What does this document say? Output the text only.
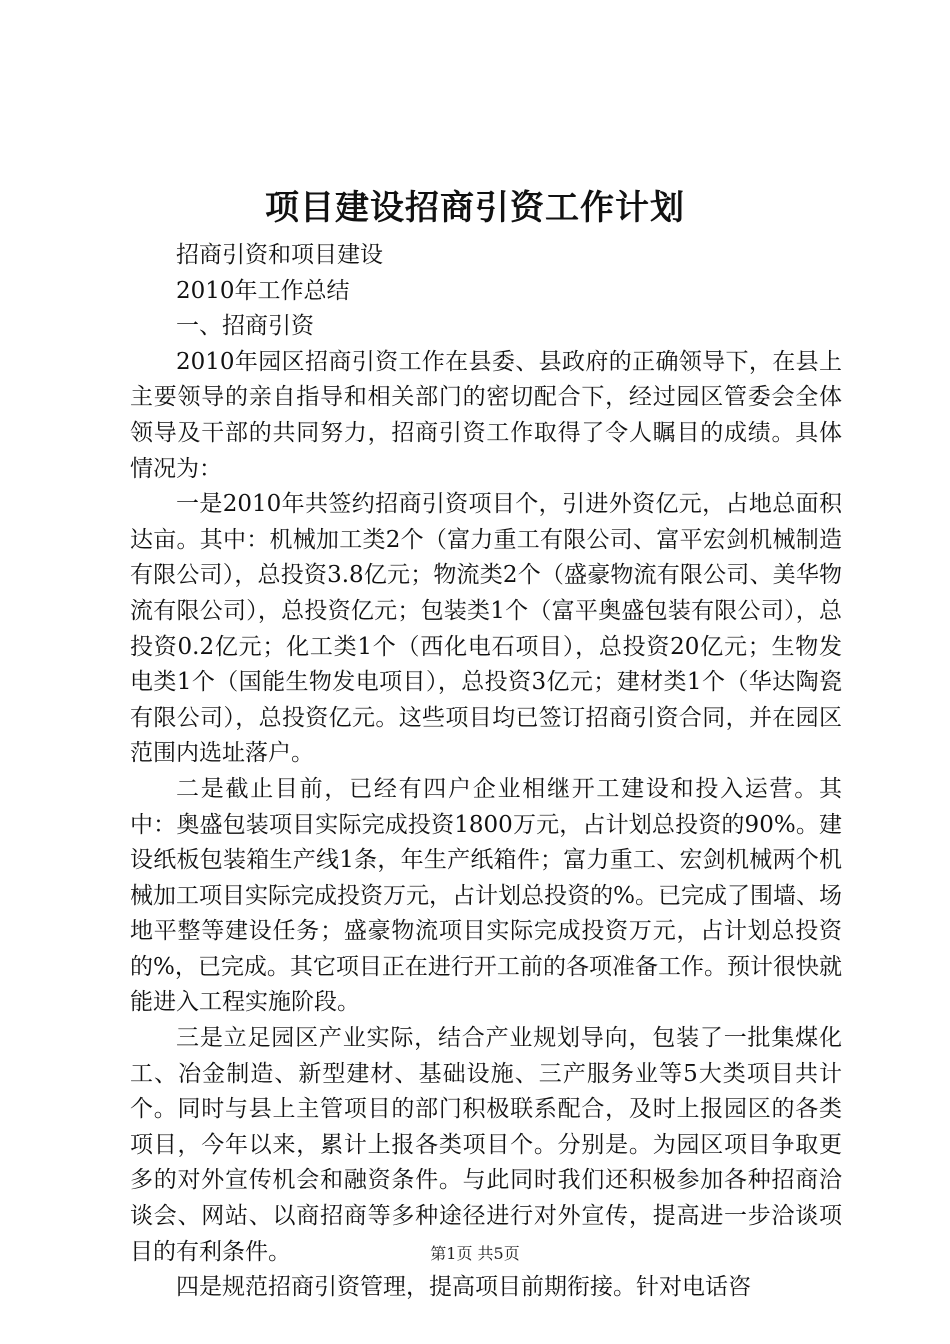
项目建设招商引资工作计划

招商引资和项目建设

2010年工作总结

一、招商引资

2010年园区招商引资工作在县委、县政府的正确领导下，在县上主要领导的亲自指导和相关部门的密切配合下，经过园区管委会全体领导及干部的共同努力，招商引资工作取得了令人瞩目的成绩。具体情况为：

一是2010年共签约招商引资项目个，引进外资亿元，占地总面积达亩。其中：机械加工类2个（富力重工有限公司、富平宏剑机械制造有限公司），总投资3.8亿元；物流类2个（盛豪物流有限公司、美华物流有限公司），总投资亿元；包装类1个（富平奥盛包装有限公司），总投资0.2亿元；化工类1个（西化电石项目），总投资20亿元；生物发电类1个（国能生物发电项目），总投资3亿元；建材类1个（华达陶瓷有限公司），总投资亿元。这些项目均已签订招商引资合同，并在园区范围内选址落户。

二是截止目前，已经有四户企业相继开工建设和投入运营。其中：奥盛包装项目实际完成投资1800万元，占计划总投资的90%。建设纸板包装箱生产线1条，年生产纸箱件；富力重工、宏剑机械两个机械加工项目实际完成投资万元，占计划总投资的%。已完成了围墙、场地平整等建设任务；盛豪物流项目实际完成投资万元，占计划总投资的%，已完成。其它项目正在进行开工前的各项准备工作。预计很快就能进入工程实施阶段。

三是立足园区产业实际，结合产业规划导向，包装了一批集煤化工、冶金制造、新型建材、基础设施、三产服务业等5大类项目共计个。同时与县上主管项目的部门积极联系配合，及时上报园区的各类项目，今年以来，累计上报各类项目个。分别是。为园区项目争取更多的对外宣传机会和融资条件。与此同时我们还积极参加各种招商洽谈会、网站、以商招商等多种途径进行对外宣传，提高进一步洽谈项目的有利条件。

四是规范招商引资管理，提高项目前期衔接。针对电话咨

第1页 共5页
